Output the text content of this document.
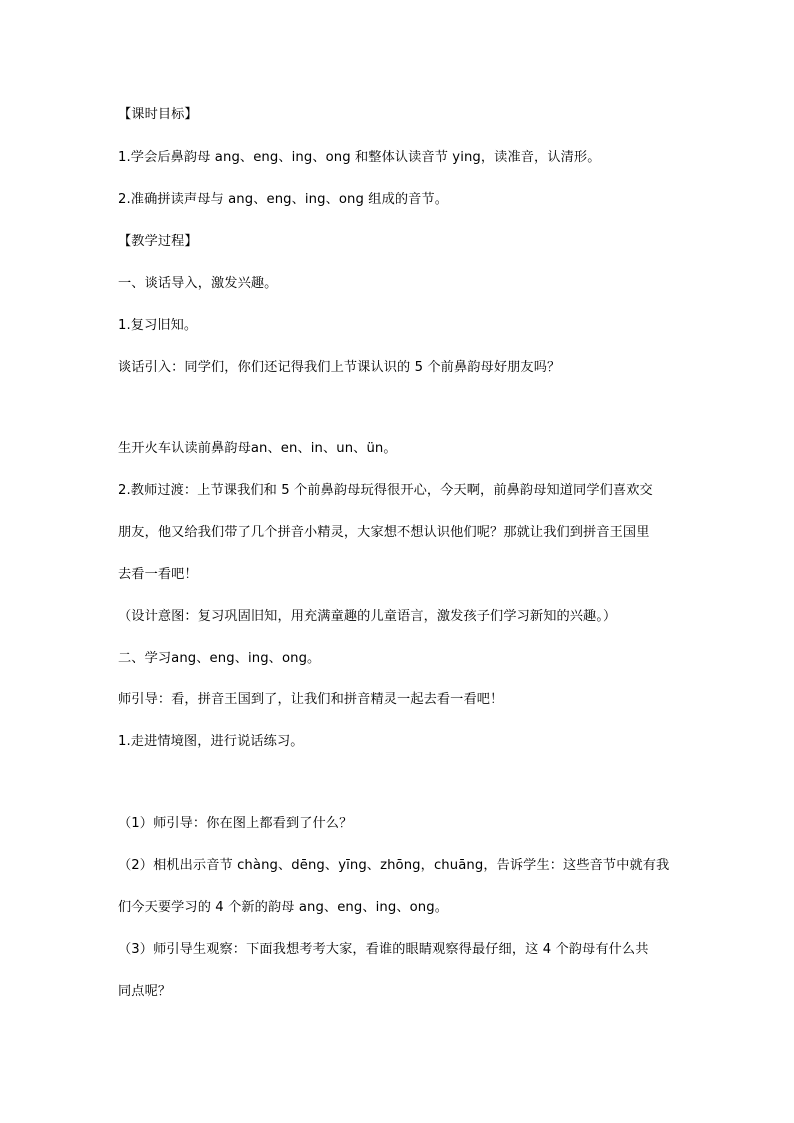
【课时目标】
1.学会后鼻韵母 ang、eng、ing、ong 和整体认读音节 ying，读准音，认清形。
2.准确拼读声母与 ang、eng、ing、ong 组成的音节。
【教学过程】
一、谈话导入，激发兴趣。
1.复习旧知。
谈话引入：同学们，你们还记得我们上节课认识的 5 个前鼻韵母好朋友吗？
生开火车认读前鼻韵母an、en、in、un、ün。
2.教师过渡：上节课我们和 5 个前鼻韵母玩得很开心，今天啊，前鼻韵母知道同学们喜欢交
朋友，他又给我们带了几个拼音小精灵，大家想不想认识他们呢？那就让我们到拼音王国里
去看一看吧！
（设计意图：复习巩固旧知，用充满童趣的儿童语言，激发孩子们学习新知的兴趣。）
二、学习ang、eng、ing、ong。
师引导：看，拼音王国到了，让我们和拼音精灵一起去看一看吧！
1.走进情境图，进行说话练习。
（1）师引导：你在图上都看到了什么？
（2）相机出示音节 chàng、dēng、yīng、zhōng，chuāng，告诉学生：这些音节中就有我
们今天要学习的 4 个新的韵母 ang、eng、ing、ong。
（3）师引导生观察：下面我想考考大家，看谁的眼睛观察得最仔细，这 4 个韵母有什么共
同点呢？
